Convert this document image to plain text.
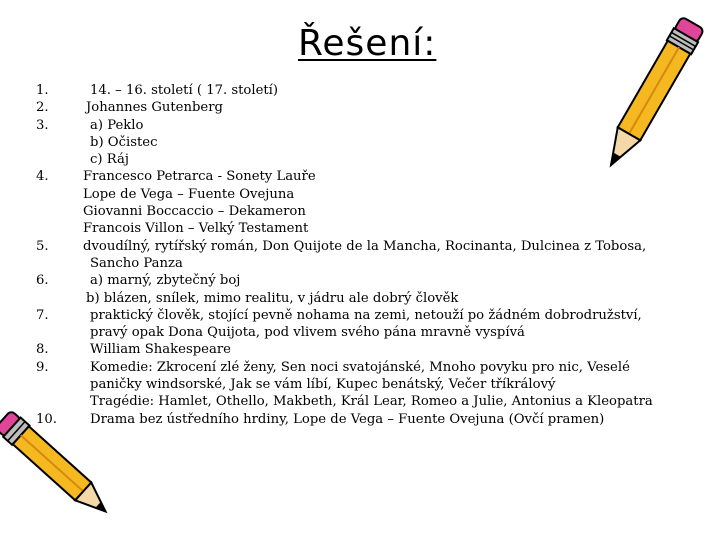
Řešení:
1.	14. – 16. století ( 17. století)
2.	Johannes Gutenberg
3.	a) Peklo
b) Očistec
c) Ráj
4.	Francesco Petrarca - Sonety Lauře
Lope de Vega – Fuente Ovejuna
Giovanni Boccaccio – Dekameron
Francois Villon – Velký Testament
5.	dvoudílný, rytířský román, Don Quijote de la Mancha, Rocinanta, Dulcinea z Tobosa,
Sancho Panza
6.	a) marný, zbytečný boj
b) blázen, snílek, mimo realitu, v jádru ale dobrý člověk
7.	praktický člověk, stojící pevně nohama na zemi, netouží po žádném dobrodružství,
pravý opak Dona Quijota, pod vlivem svého pána mravně vyspívá
8.	William Shakespeare
9.	Komedie: Zkrocení zlé ženy, Sen noci svatojánské, Mnoho povyku pro nic, Veselé
paničky windsorské, Jak se vám líbí, Kupec benátský, Večer tříkrálový
Tragédie: Hamlet, Othello, Makbeth, Král Lear, Romeo a Julie, Antonius a Kleopatra
10.	Drama bez ústředního hrdiny, Lope de Vega – Fuente Ovejuna (Ovčí pramen)
